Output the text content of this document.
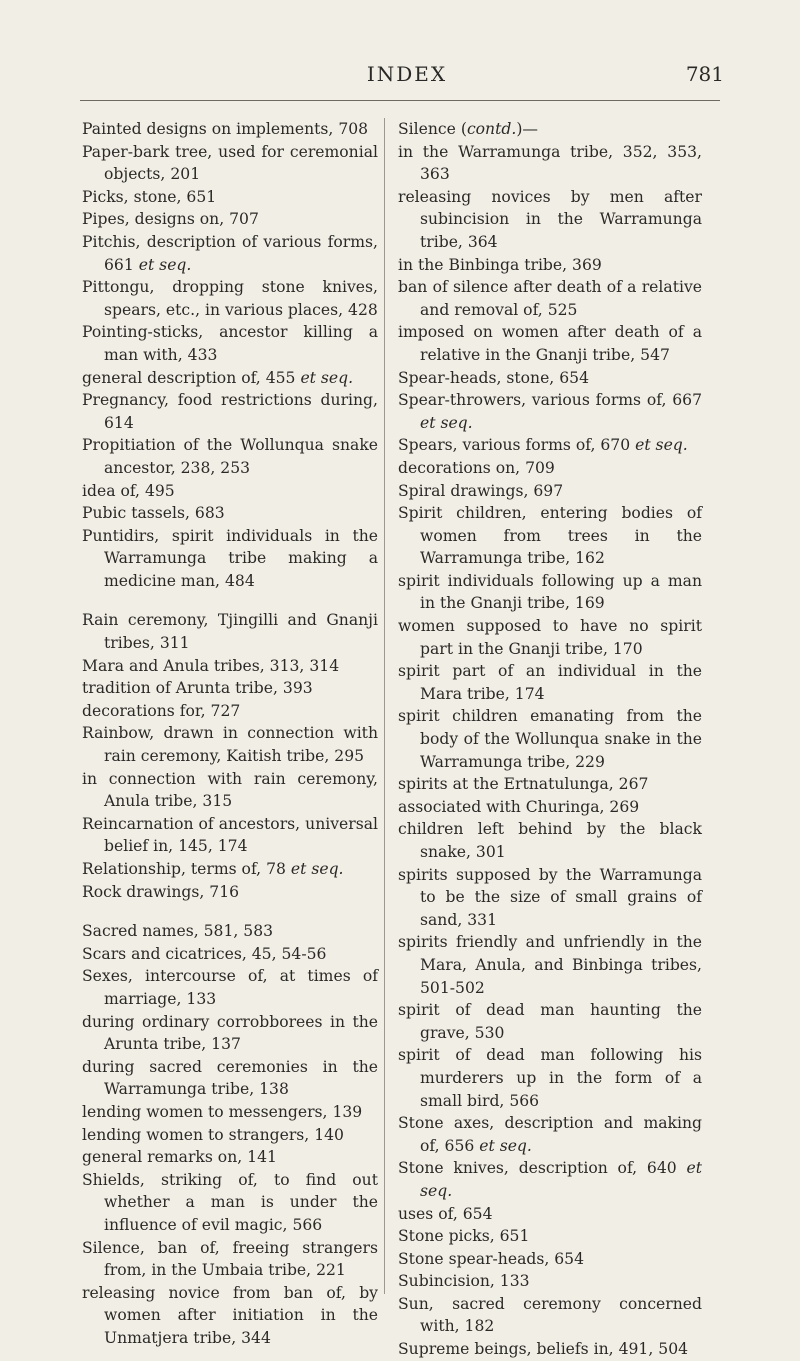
INDEX	781
Painted designs on implements, 708
Paper-bark tree, used for ceremonial objects, 201
Picks, stone, 651
Pipes, designs on, 707
Pitchis, description of various forms, 661 et seq.
Pittongu, dropping stone knives, spears, etc., in various places, 428
Pointing-sticks, ancestor killing a man with, 433
general description of, 455 et seq.
Pregnancy, food restrictions during, 614
Propitiation of the Wollunqua snake ancestor, 238, 253
idea of, 495
Pubic tassels, 683
Puntidirs, spirit individuals in the Warramunga tribe making a medicine man, 484
Rain ceremony, Tjingilli and Gnanji tribes, 311
Mara and Anula tribes, 313, 314
tradition of Arunta tribe, 393
decorations for, 727
Rainbow, drawn in connection with rain ceremony, Kaitish tribe, 295
in connection with rain ceremony, Anula tribe, 315
Reincarnation of ancestors, universal belief in, 145, 174
Relationship, terms of, 78 et seq.
Rock drawings, 716
Sacred names, 581, 583
Scars and cicatrices, 45, 54-56
Sexes, intercourse of, at times of marriage, 133
during ordinary corrobborees in the Arunta tribe, 137
during sacred ceremonies in the Warramunga tribe, 138
lending women to messengers, 139
lending women to strangers, 140
general remarks on, 141
Shields, striking of, to find out whether a man is under the influence of evil magic, 566
Silence, ban of, freeing strangers from, in the Umbaia tribe, 221
releasing novice from ban of, by women after initiation in the Unmatjera tribe, 344
Silence (contd.)—
in the Warramunga tribe, 352, 353, 363
releasing novices by men after subincision in the Warramunga tribe, 364
in the Binbinga tribe, 369
ban of silence after death of a relative and removal of, 525
imposed on women after death of a relative in the Gnanji tribe, 547
Spear-heads, stone, 654
Spear-throwers, various forms of, 667 et seq.
Spears, various forms of, 670 et seq.
decorations on, 709
Spiral drawings, 697
Spirit children, entering bodies of women from trees in the Warramunga tribe, 162
spirit individuals following up a man in the Gnanji tribe, 169
women supposed to have no spirit part in the Gnanji tribe, 170
spirit part of an individual in the Mara tribe, 174
spirit children emanating from the body of the Wollunqua snake in the Warramunga tribe, 229
spirits at the Ertnatulunga, 267
associated with Churinga, 269
children left behind by the black snake, 301
spirits supposed by the Warramunga to be the size of small grains of sand, 331
spirits friendly and unfriendly in the Mara, Anula, and Binbinga tribes, 501-502
spirit of dead man haunting the grave, 530
spirit of dead man following his murderers up in the form of a small bird, 566
Stone axes, description and making of, 656 et seq.
Stone knives, description of, 640 et seq.
uses of, 654
Stone picks, 651
Stone spear-heads, 654
Subincision, 133
Sun, sacred ceremony concerned with, 182
Supreme beings, beliefs in, 491, 504
